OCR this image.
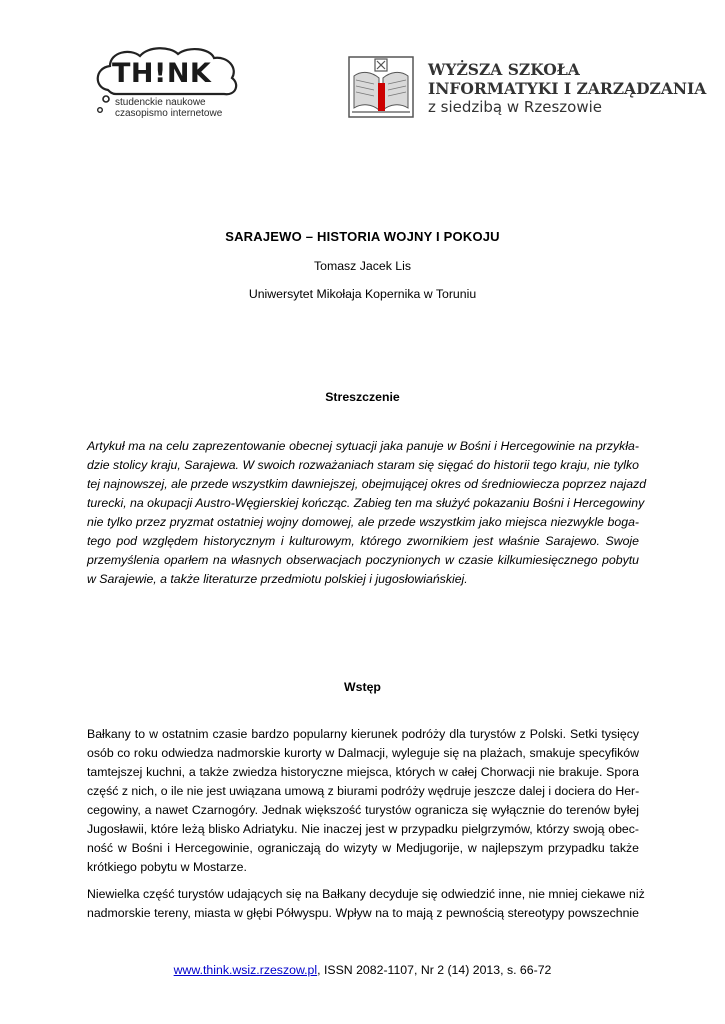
TH!NK
studenckie naukowe
czasopismo internetowe
WYŻSZA SZKOŁA
INFORMATYKI I ZARZĄDZANIA
z siedzibą w Rzeszowie
SARAJEWO – HISTORIA WOJNY I POKOJU
Tomasz Jacek Lis
Uniwersytet Mikołaja Kopernika w Toruniu
Streszczenie
Artykuł ma na celu zaprezentowanie obecnej sytuacji jaka panuje w Bośni i Hercegowinie na przykła-
dzie stolicy kraju, Sarajewa. W swoich rozważaniach staram się sięgać do historii tego kraju, nie tylko
tej najnowszej, ale przede wszystkim dawniejszej, obejmującej okres od średniowiecza poprzez najazd
turecki, na okupacji Austro-Węgierskiej kończąc. Zabieg ten ma służyć pokazaniu Bośni i Hercegowiny
nie tylko przez pryzmat ostatniej wojny domowej, ale przede wszystkim jako miejsca niezwykle boga-
tego pod względem historycznym i kulturowym, którego zwornikiem jest właśnie Sarajewo. Swoje
przemyślenia oparłem na własnych obserwacjach poczynionych w czasie kilkumiesięcznego pobytu
w Sarajewie, a także literaturze przedmiotu polskiej i jugosłowiańskiej.
Wstęp
Bałkany to w ostatnim czasie bardzo popularny kierunek podróży dla turystów z Polski. Setki tysięcy
osób co roku odwiedza nadmorskie kurorty w Dalmacji, wyleguje się na plażach, smakuje specyfików
tamtejszej kuchni, a także zwiedza historyczne miejsca, których w całej Chorwacji nie brakuje. Spora
część z nich, o ile nie jest uwiązana umową z biurami podróży wędruje jeszcze dalej i dociera do Her-
cegowiny, a nawet Czarnogóry. Jednak większość turystów ogranicza się wyłącznie do terenów byłej
Jugosławii, które leżą blisko Adriatyku. Nie inaczej jest w przypadku pielgrzymów, którzy swoją obec-
ność w Bośni i Hercegowinie, ograniczają do wizyty w Medjugorije, w najlepszym przypadku także
krótkiego pobytu w Mostarze.
Niewielka część turystów udających się na Bałkany decyduje się odwiedzić inne, nie mniej ciekawe niż
nadmorskie tereny, miasta w głębi Półwyspu. Wpływ na to mają z pewnością stereotypy powszechnie
www.think.wsiz.rzeszow.pl, ISSN 2082-1107, Nr 2 (14) 2013, s. 66-72
